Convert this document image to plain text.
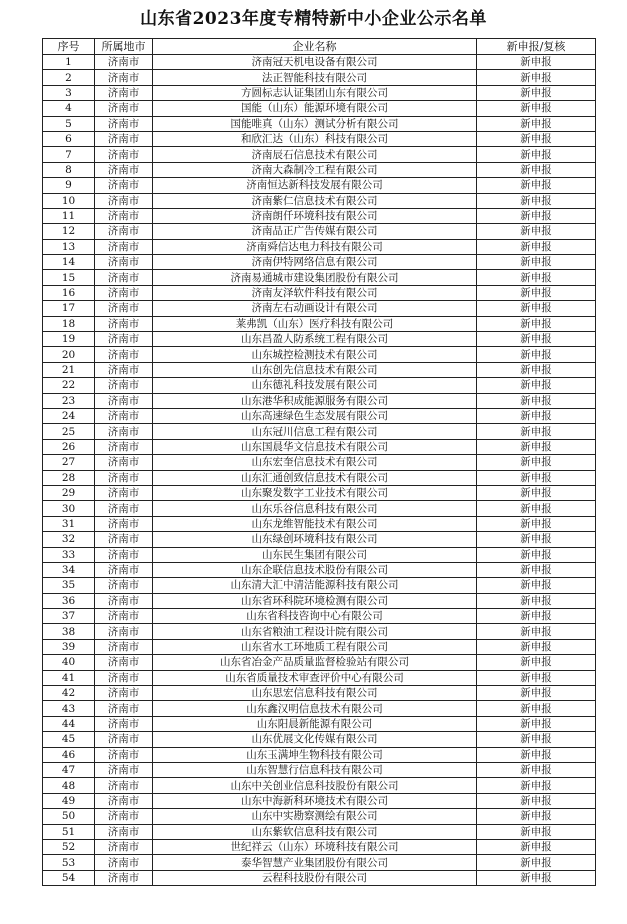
山东省2023年度专精特新中小企业公示名单
序号	所属地市	企业名称	新申报/复核
1	济南市	济南冠天机电设备有限公司	新申报
2	济南市	法正智能科技有限公司	新申报
3	济南市	方圆标志认证集团山东有限公司	新申报
4	济南市	国能（山东）能源环境有限公司	新申报
5	济南市	国能唯真（山东）测试分析有限公司	新申报
6	济南市	和欣汇达（山东）科技有限公司	新申报
7	济南市	济南辰石信息技术有限公司	新申报
8	济南市	济南大森制冷工程有限公司	新申报
9	济南市	济南恒达新科技发展有限公司	新申报
10	济南市	济南紫仁信息技术有限公司	新申报
11	济南市	济南朗仟环境科技有限公司	新申报
12	济南市	济南品正广告传媒有限公司	新申报
13	济南市	济南舜信达电力科技有限公司	新申报
14	济南市	济南伊特网络信息有限公司	新申报
15	济南市	济南易通城市建设集团股份有限公司	新申报
16	济南市	济南友泽软件科技有限公司	新申报
17	济南市	济南左右动画设计有限公司	新申报
18	济南市	莱弗凯（山东）医疗科技有限公司	新申报
19	济南市	山东昌盈人防系统工程有限公司	新申报
20	济南市	山东城控检测技术有限公司	新申报
21	济南市	山东创先信息技术有限公司	新申报
22	济南市	山东德礼科技发展有限公司	新申报
23	济南市	山东港华积成能源服务有限公司	新申报
24	济南市	山东高速绿色生态发展有限公司	新申报
25	济南市	山东冠川信息工程有限公司	新申报
26	济南市	山东国晨华文信息技术有限公司	新申报
27	济南市	山东宏奎信息技术有限公司	新申报
28	济南市	山东汇通创致信息技术有限公司	新申报
29	济南市	山东聚发数字工业技术有限公司	新申报
30	济南市	山东乐谷信息科技有限公司	新申报
31	济南市	山东龙维智能技术有限公司	新申报
32	济南市	山东绿创环境科技有限公司	新申报
33	济南市	山东民生集团有限公司	新申报
34	济南市	山东企联信息技术股份有限公司	新申报
35	济南市	山东清大汇中清洁能源科技有限公司	新申报
36	济南市	山东省环科院环境检测有限公司	新申报
37	济南市	山东省科技咨询中心有限公司	新申报
38	济南市	山东省粮油工程设计院有限公司	新申报
39	济南市	山东省水工环地质工程有限公司	新申报
40	济南市	山东省冶金产品质量监督检验站有限公司	新申报
41	济南市	山东省质量技术审查评价中心有限公司	新申报
42	济南市	山东思宏信息科技有限公司	新申报
43	济南市	山东鑫汉明信息技术有限公司	新申报
44	济南市	山东阳晨新能源有限公司	新申报
45	济南市	山东优展文化传媒有限公司	新申报
46	济南市	山东玉满坤生物科技有限公司	新申报
47	济南市	山东智慧行信息科技有限公司	新申报
48	济南市	山东中关创业信息科技股份有限公司	新申报
49	济南市	山东中海新科环境技术有限公司	新申报
50	济南市	山东中实勘察测绘有限公司	新申报
51	济南市	山东紫软信息科技有限公司	新申报
52	济南市	世纪祥云（山东）环境科技有限公司	新申报
53	济南市	泰华智慧产业集团股份有限公司	新申报
54	济南市	云程科技股份有限公司	新申报
